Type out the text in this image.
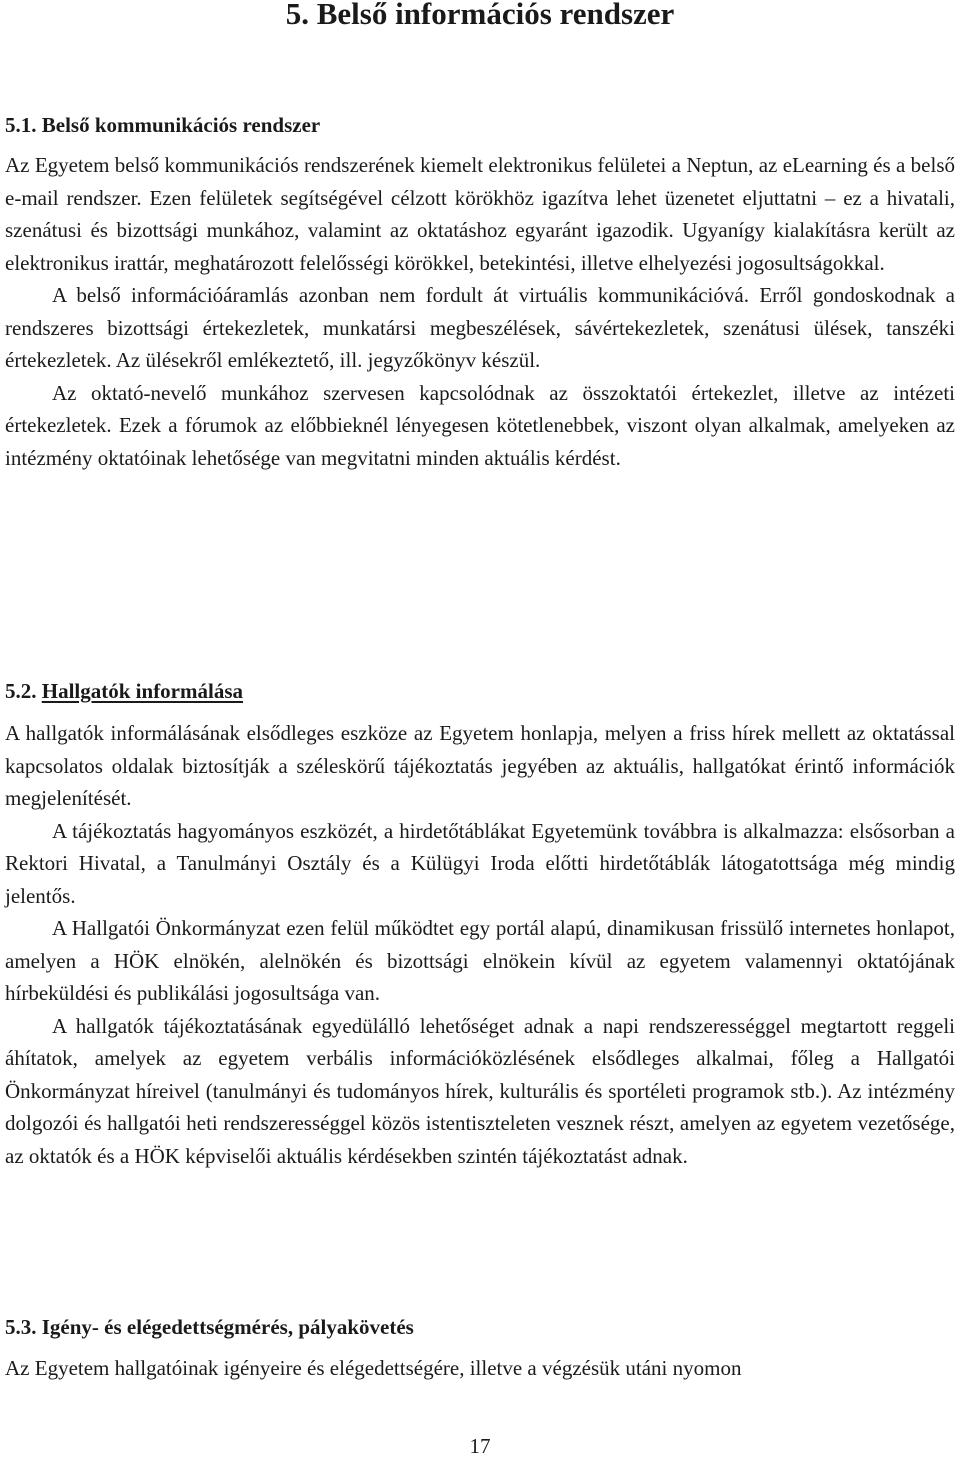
5. Belső információs rendszer
5.1. Belső kommunikációs rendszer

Az Egyetem belső kommunikációs rendszerének kiemelt elektronikus felületei a Neptun, az eLearning és a belső e-mail rendszer. Ezen felületek segítségével célzott körökhöz igazítva lehet üzenetet eljuttatni – ez a hivatali, szenátusi és bizottsági munkához, valamint az oktatáshoz egyaránt igazodik. Ugyanígy kialakításra került az elektronikus irattár, meghatározott felelősségi körökkel, betekintési, illetve elhelyezési jogosultságokkal.

A belső információáramlás azonban nem fordult át virtuális kommunikációvá. Erről gondoskodnak a rendszeres bizottsági értekezletek, munkatársi megbeszélések, sávértekezletek, szenátusi ülések, tanszéki értekezletek. Az ülésekről emlékeztető, ill. jegyzőkönyv készül.

Az oktató-nevelő munkához szervesen kapcsolódnak az összoktatói értekezlet, illetve az intézeti értekezletek. Ezek a fórumok az előbbieknél lényegesen kötetlenebbek, viszont olyan alkalmak, amelyeken az intézmény oktatóinak lehetősége van megvitatni minden aktuális kérdést.

5.2. Hallgatók informálása

A hallgatók informálásának elsődleges eszköze az Egyetem honlapja, melyen a friss hírek mellett az oktatással kapcsolatos oldalak biztosítják a széleskörű tájékoztatás jegyében az aktuális, hallgatókat érintő információk megjelenítését.

A tájékoztatás hagyományos eszközét, a hirdetőtáblákat Egyetemünk továbbra is alkalmazza: elsősorban a Rektori Hivatal, a Tanulmányi Osztály és a Külügyi Iroda előtti hirdetőtáblák látogatottsága még mindig jelentős.

A Hallgatói Önkormányzat ezen felül működtet egy portál alapú, dinamikusan frissülő internetes honlapot, amelyen a HÖK elnökén, alelnökén és bizottsági elnökein kívül az egyetem valamennyi oktatójának hírbeküldési és publikálási jogosultsága van.

A hallgatók tájékoztatásának egyedülálló lehetőséget adnak a napi rendszerességgel megtartott reggeli áhítatok, amelyek az egyetem verbális információközlésének elsődleges alkalmai, főleg a Hallgatói Önkormányzat híreivel (tanulmányi és tudományos hírek, kulturális és sportéleti programok stb.). Az intézmény dolgozói és hallgatói heti rendszerességgel közös istentiszteleten vesznek részt, amelyen az egyetem vezetősége, az oktatók és a HÖK képviselői aktuális kérdésekben szintén tájékoztatást adnak.

5.3. Igény- és elégedettségmérés, pályakövetés

Az Egyetem hallgatóinak igényeire és elégedettségére, illetve a végzésük utáni nyomon

17
